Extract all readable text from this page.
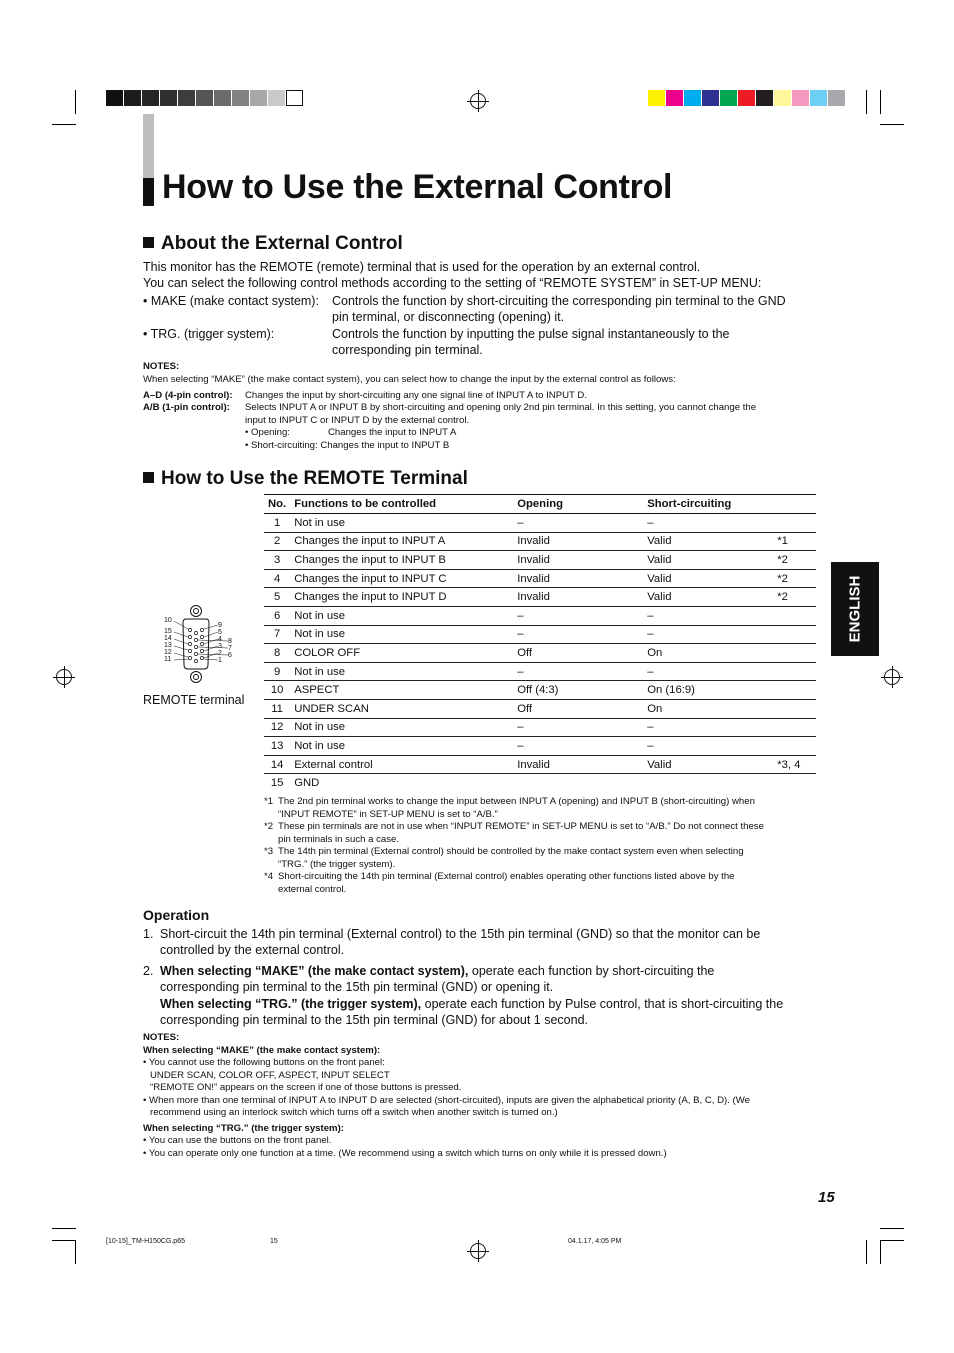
How to Use the External Control
About the External Control
This monitor has the REMOTE (remote) terminal that is used for the operation by an external control.
You can select the following control methods according to the setting of “REMOTE SYSTEM” in SET-UP MENU:
• MAKE (make contact system): Controls the function by short-circuiting the corresponding pin terminal to the GND
pin terminal, or disconnecting (opening) it.
• TRG. (trigger system):	Controls the function by inputting the pulse signal instantaneously to the
corresponding pin terminal.
NOTES:
When selecting “MAKE” (the make contact system), you can select how to change the input by the external control as follows:
A–D (4-pin control): Changes the input by short-circuiting any one signal line of INPUT A to INPUT D.
A/B (1-pin control): Selects INPUT A or INPUT B by short-circuiting and opening only 2nd pin terminal. In this setting, you cannot change the
input to INPUT C or INPUT D by the external control.
• Opening:	Changes the input to INPUT A
• Short-circuiting: Changes the input to INPUT B
How to Use the REMOTE Terminal
10
15
14
13
12
11
9
5
4
3
2
1
8
7
6
REMOTE terminal
No.	Functions to be controlled	Opening	Short-circuiting	
1	Not in use	–	–	
2	Changes the input to INPUT A	Invalid	Valid	*1
3	Changes the input to INPUT B	Invalid	Valid	*2
4	Changes the input to INPUT C	Invalid	Valid	*2
5	Changes the input to INPUT D	Invalid	Valid	*2
6	Not in use	–	–	
7	Not in use	–	–	
8	COLOR OFF	Off	On	
9	Not in use	–	–	
10	ASPECT	Off (4:3)	On (16:9)	
11	UNDER SCAN	Off	On	
12	Not in use	–	–	
13	Not in use	–	–	
14	External control	Invalid	Valid	*3, 4
15	GND			
*1 The 2nd pin terminal works to change the input between INPUT A (opening) and INPUT B (short-circuiting) when
“INPUT REMOTE” in SET-UP MENU is set to “A/B.”
*2 These pin terminals are not in use when “INPUT REMOTE” in SET-UP MENU is set to “A/B.” Do not connect these
pin terminals in such a case.
*3 The 14th pin terminal (External control) should be controlled by the make contact system even when selecting
“TRG.” (the trigger system).
*4 Short-circuiting the 14th pin terminal (External control) enables operating other functions listed above by the
external control.
ENGLISH
Operation
1. Short-circuit the 14th pin terminal (External control) to the 15th pin terminal (GND) so that the monitor can be
controlled by the external control.
2. When selecting “MAKE” (the make contact system), operate each function by short-circuiting the
corresponding pin terminal to the 15th pin terminal (GND) or opening it.
When selecting “TRG.” (the trigger system), operate each function by Pulse control, that is short-circuiting the
corresponding pin terminal to the 15th pin terminal (GND) for about 1 second.
NOTES:
When selecting “MAKE” (the make contact system):
• You cannot use the following buttons on the front panel:
UNDER SCAN, COLOR OFF, ASPECT, INPUT SELECT
“REMOTE ON!” appears on the screen if one of those buttons is pressed.
• When more than one terminal of INPUT A to INPUT D are selected (short-circuited), inputs are given the alphabetical priority (A, B, C, D). (We
recommend using an interlock switch which turns off a switch when another switch is turned on.)
When selecting “TRG.” (the trigger system):
• You can use the buttons on the front panel.
• You can operate only one function at a time. (We recommend using a switch which turns on only while it is pressed down.)
15
[10-15]_TM-H150CG.p65	15	04.1.17, 4:05 PM
